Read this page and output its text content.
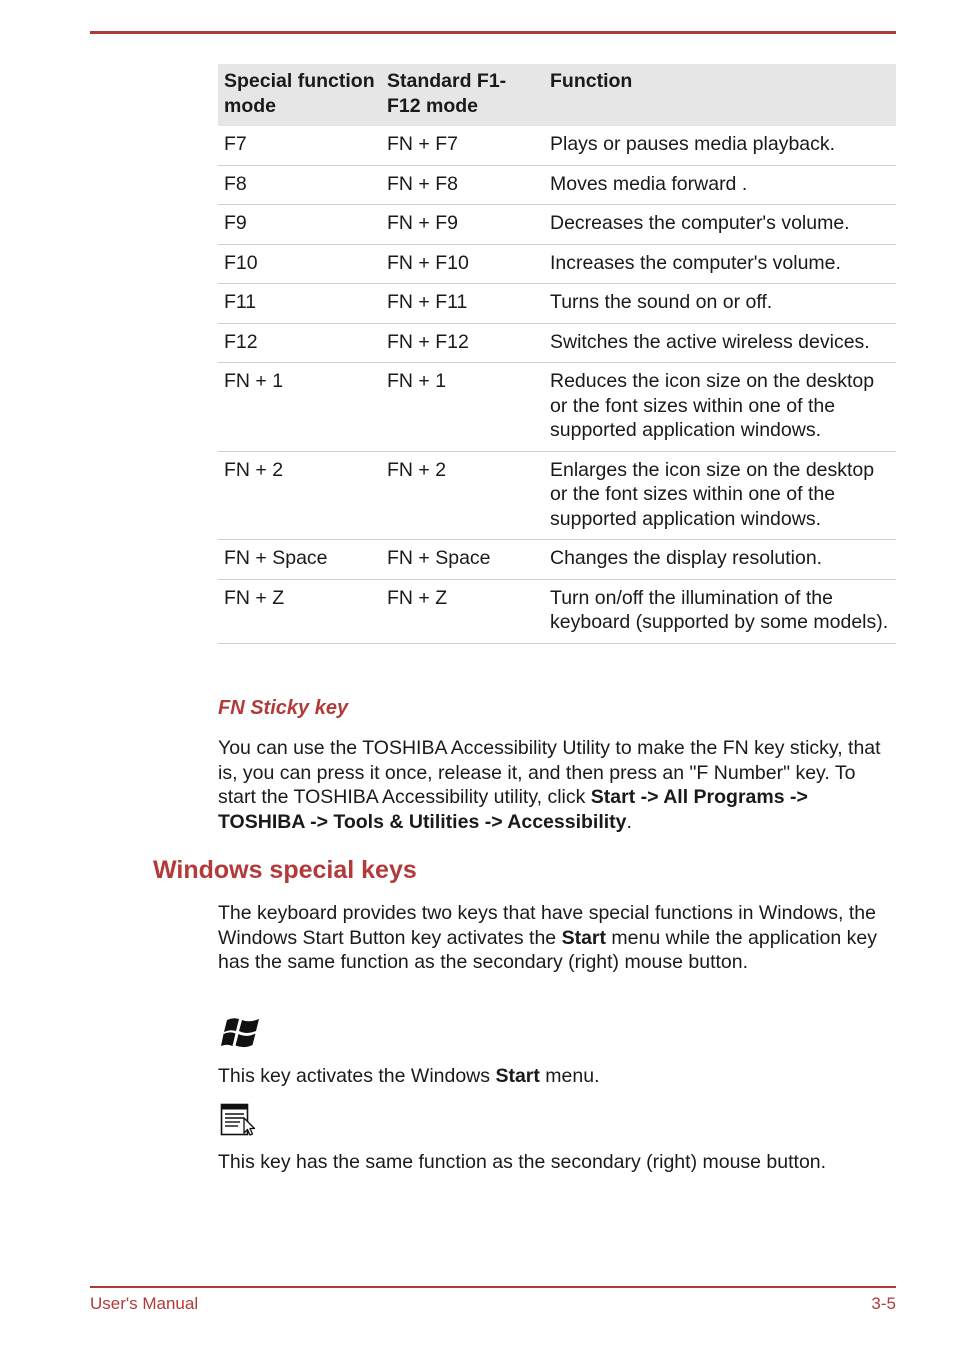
Special function mode	Standard F1-F12 mode	Function
F7	FN + F7	Plays or pauses media playback.
F8	FN + F8	Moves media forward .
F9	FN + F9	Decreases the computer's volume.
F10	FN + F10	Increases the computer's volume.
F11	FN + F11	Turns the sound on or off.
F12	FN + F12	Switches the active wireless devices.
FN + 1	FN + 1	Reduces the icon size on the desktop or the font sizes within one of the supported application windows.
FN + 2	FN + 2	Enlarges the icon size on the desktop or the font sizes within one of the supported application windows.
FN + Space	FN + Space	Changes the display resolution.
FN + Z	FN + Z	Turn on/off the illumination of the keyboard (supported by some models).
FN Sticky key

You can use the TOSHIBA Accessibility Utility to make the FN key sticky, that is, you can press it once, release it, and then press an "F Number" key. To start the TOSHIBA Accessibility utility, click Start -> All Programs -> TOSHIBA -> Tools & Utilities -> Accessibility.

Windows special keys

The keyboard provides two keys that have special functions in Windows, the Windows Start Button key activates the Start menu while the application key has the same function as the secondary (right) mouse button.

This key activates the Windows Start menu.

This key has the same function as the secondary (right) mouse button.

User's Manual	3-5
